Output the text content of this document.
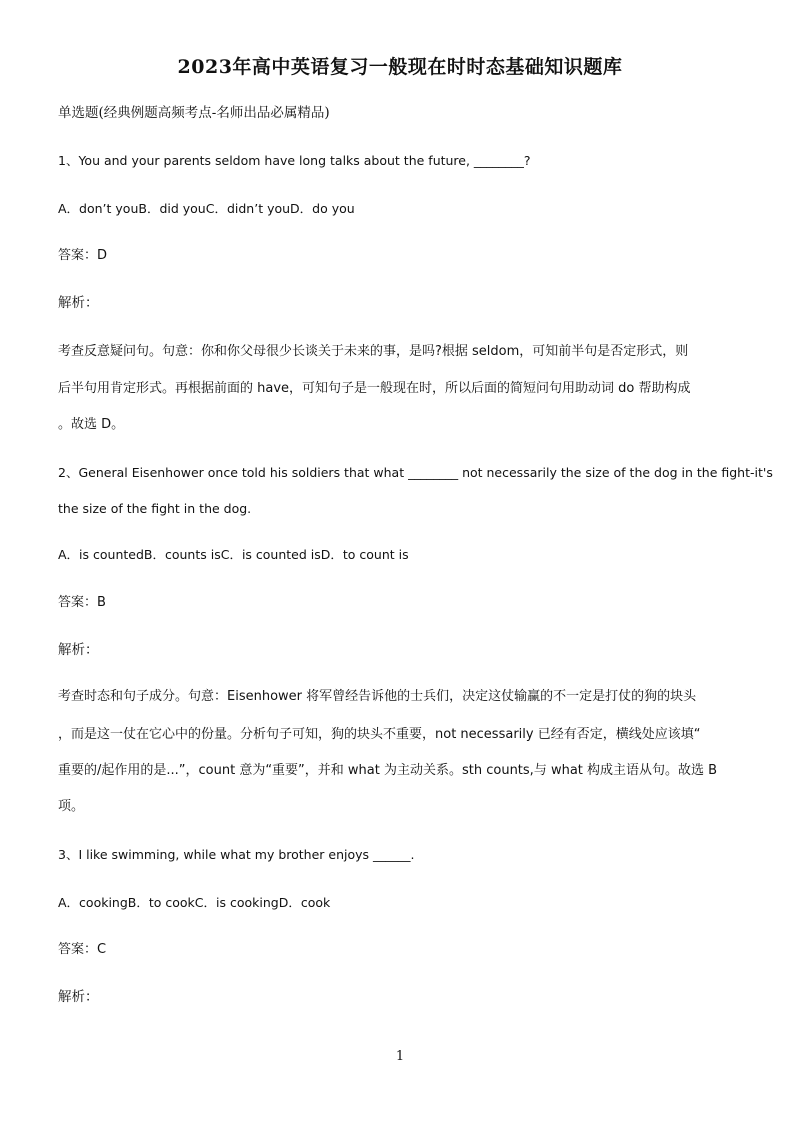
2023年高中英语复习一般现在时时态基础知识题库
单选题(经典例题高频考点-名师出品必属精品)
1、You and your parents seldom have long talks about the future, ________?
A．don’t youB．did youC．didn’t youD．do you
答案：D
解析：
考查反意疑问句。句意：你和你父母很少长谈关于未来的事，是吗?根据 seldom，可知前半句是否定形式，则
后半句用肯定形式。再根据前面的 have，可知句子是一般现在时，所以后面的简短问句用助动词 do 帮助构成
。故选 D。
2、General Eisenhower once told his soldiers that what ________ not necessarily the size of the dog in the fight-it's
the size of the fight in the dog.
A．is countedB．counts isC．is counted isD．to count is
答案：B
解析：
考查时态和句子成分。句意：Eisenhower 将军曾经告诉他的士兵们，决定这仗输赢的不一定是打仗的狗的块头
，而是这一仗在它心中的份量。分析句子可知，狗的块头不重要，not necessarily 已经有否定，横线处应该填“
重要的/起作用的是...”，count 意为“重要”，并和 what 为主动关系。sth counts,与 what 构成主语从句。故选 B
项。
3、I like swimming, while what my brother enjoys ______.
A．cookingB．to cookC．is cookingD．cook
答案：C
解析：
1
